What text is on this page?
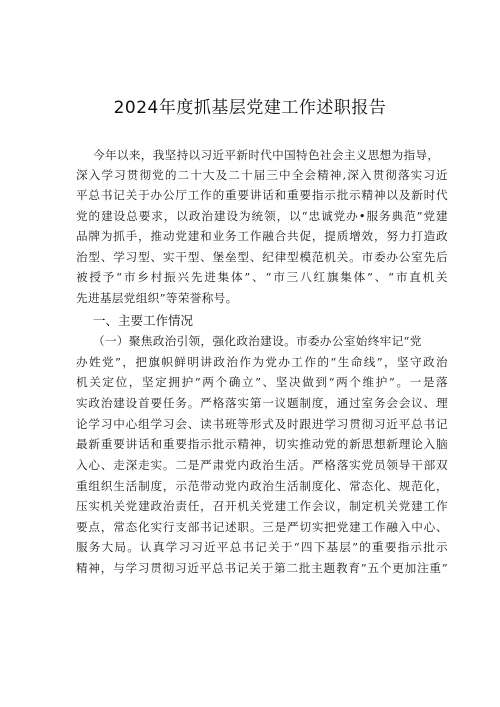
2024年度抓基层党建工作述职报告
今年以来，我坚持以习近平新时代中国特色社会主义思想为指导，
深入学习贯彻党的二十大及二十届三中全会精神,深入贯彻落实习近
平总书记关于办公厅工作的重要讲话和重要指示批示精神以及新时代
党的建设总要求，以政治建设为统领，以“忠诚党办•服务典范”党建
品牌为抓手，推动党建和业务工作融合共促，提质增效，努力打造政
治型、学习型、实干型、堡垒型、纪律型模范机关。市委办公室先后
被授予“市乡村振兴先进集体”、“市三八红旗集体”、“市直机关
先进基层党组织”等荣誉称号。
一、主要工作情况
（一）聚焦政治引领，强化政治建设。市委办公室始终牢记“党
办姓党”，把旗帜鲜明讲政治作为党办工作的“生命线”，坚守政治
机关定位，坚定拥护“两个确立”、坚决做到“两个维护”。一是落
实政治建设首要任务。严格落实第一议题制度，通过室务会会议、理
论学习中心组学习会、读书班等形式及时跟进学习贯彻习近平总书记
最新重要讲话和重要指示批示精神，切实推动党的新思想新理论入脑
入心、走深走实。二是严肃党内政治生活。严格落实党员领导干部双
重组织生活制度，示范带动党内政治生活制度化、常态化、规范化，
压实机关党建政治责任，召开机关党建工作会议，制定机关党建工作
要点，常态化实行支部书记述职。三是严切实把党建工作融入中心、
服务大局。认真学习习近平总书记关于“四下基层”的重要指示批示
精神，与学习贯彻习近平总书记关于第二批主题教育”五个更加注重”
